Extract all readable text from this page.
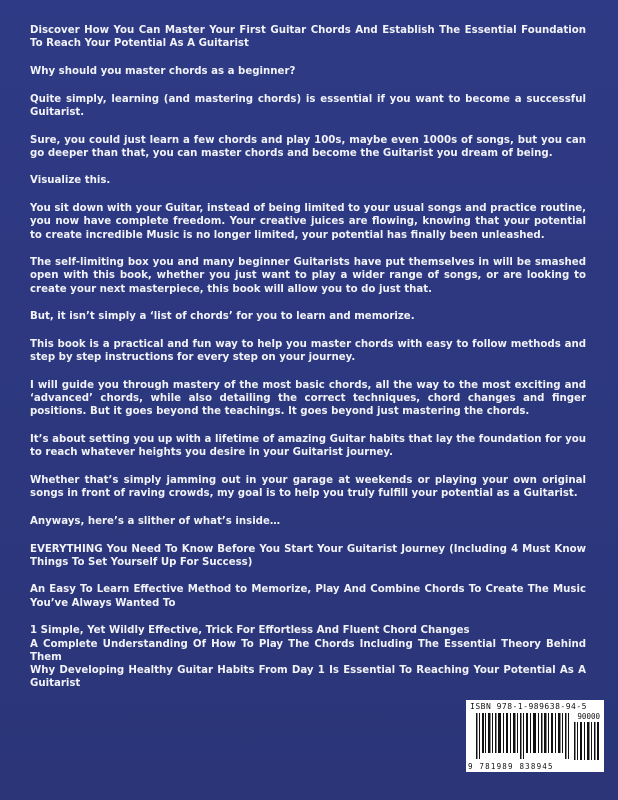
Discover How You Can Master Your First Guitar Chords And Establish The Essential Foundation To Reach Your Potential As A Guitarist

Why should you master chords as a beginner?

Quite simply, learning (and mastering chords) is essential if you want to become a successful Guitarist.

Sure, you could just learn a few chords and play 100s, maybe even 1000s of songs, but you can go deeper than that, you can master chords and become the Guitarist you dream of being.

Visualize this.

You sit down with your Guitar, instead of being limited to your usual songs and practice routine, you now have complete freedom. Your creative juices are flowing, knowing that your potential to create incredible Music is no longer limited, your potential has finally been unleashed.

The self-limiting box you and many beginner Guitarists have put themselves in will be smashed open with this book, whether you just want to play a wider range of songs, or are looking to create your next masterpiece, this book will allow you to do just that.

But, it isn’t simply a ‘list of chords’ for you to learn and memorize.

This book is a practical and fun way to help you master chords with easy to follow methods and step by step instructions for every step on your journey.

I will guide you through mastery of the most basic chords, all the way to the most exciting and ‘advanced’ chords, while also detailing the correct techniques, chord changes and finger positions. But it goes beyond the teachings. It goes beyond just mastering the chords.

It’s about setting you up with a lifetime of amazing Guitar habits that lay the foundation for you to reach whatever heights you desire in your Guitarist journey.

Whether that’s simply jamming out in your garage at weekends or playing your own original songs in front of raving crowds, my goal is to help you truly fulfill your potential as a Guitarist.

Anyways, here’s a slither of what’s inside…

EVERYTHING You Need To Know Before You Start Your Guitarist Journey (Including 4 Must Know Things To Set Yourself Up For Success)

An Easy To Learn Effective Method to Memorize, Play And Combine Chords To Create The Music You’ve Always Wanted To

1 Simple, Yet Wildly Effective, Trick For Effortless And Fluent Chord Changes

A Complete Understanding Of How To Play The Chords Including The Essential Theory Behind Them

Why Developing Healthy Guitar Habits From Day 1 Is Essential To Reaching Your Potential As A Guitarist

ISBN 978-1-989638-94-5
90000
9 781989 838945
